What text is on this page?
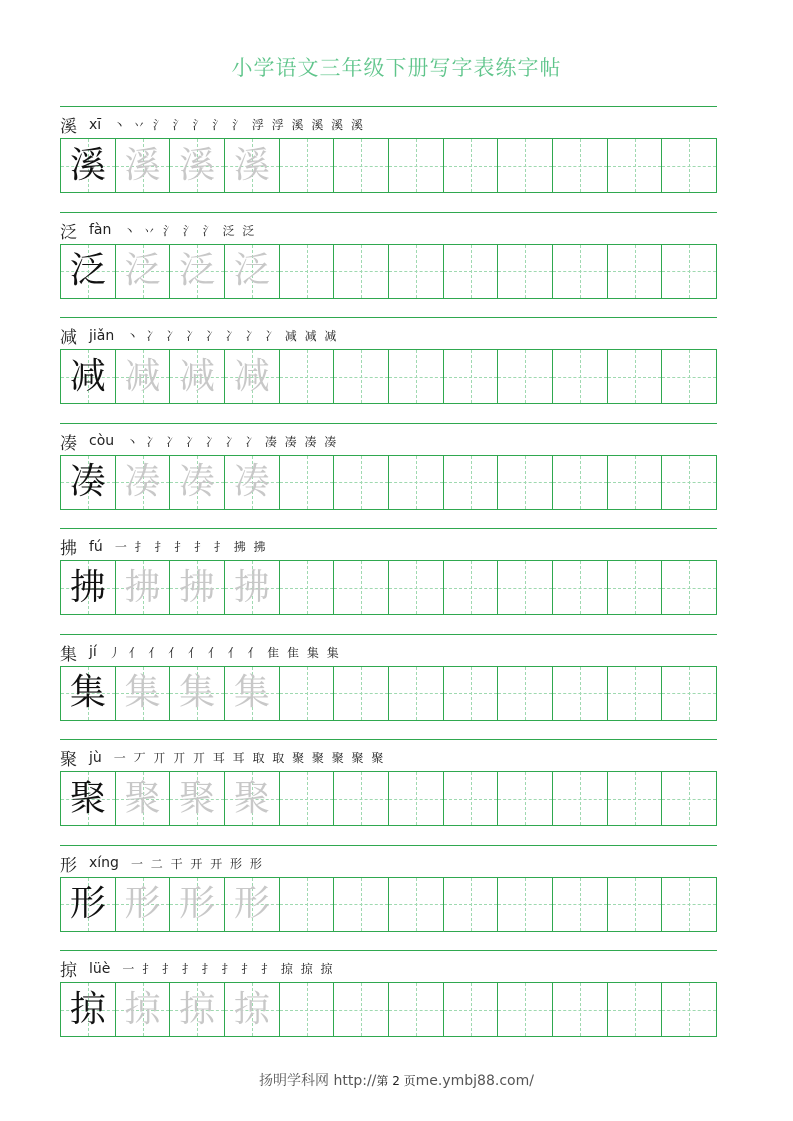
小学语文三年级下册写字表练字帖
溪 xī 丶 丷 氵 氵 氵 氵 氵 浮 浮 溪 溪 溪 溪
溪 溪 溪 溪
泛 fàn 丶 丷 氵 氵 氵 泛 泛
泛 泛 泛 泛
减 jiǎn 丶 冫 冫 冫 冫 冫 冫 冫 减 减 减
减 减 减 减
凑 còu 丶 冫 冫 冫 冫 冫 冫 凑 凑 凑 凑
凑 凑 凑 凑
拂 fú 一 扌 扌 扌 扌 扌 拂 拂
拂 拂 拂 拂
集 jí 丿 亻 亻 亻 亻 亻 亻 亻 隹 隹 集 集
集 集 集 集
聚 jù 一 丆 丌 丌 丌 耳 耳 取 取 聚 聚 聚 聚 聚
聚 聚 聚 聚
形 xíng 一 二 干 开 开 形 形
形 形 形 形
掠 lüè 一 扌 扌 扌 扌 扌 扌 扌 掠 掠 掠
掠 掠 掠 掠
扬明学科网 http://第 2 页me.ymbj88.com/
